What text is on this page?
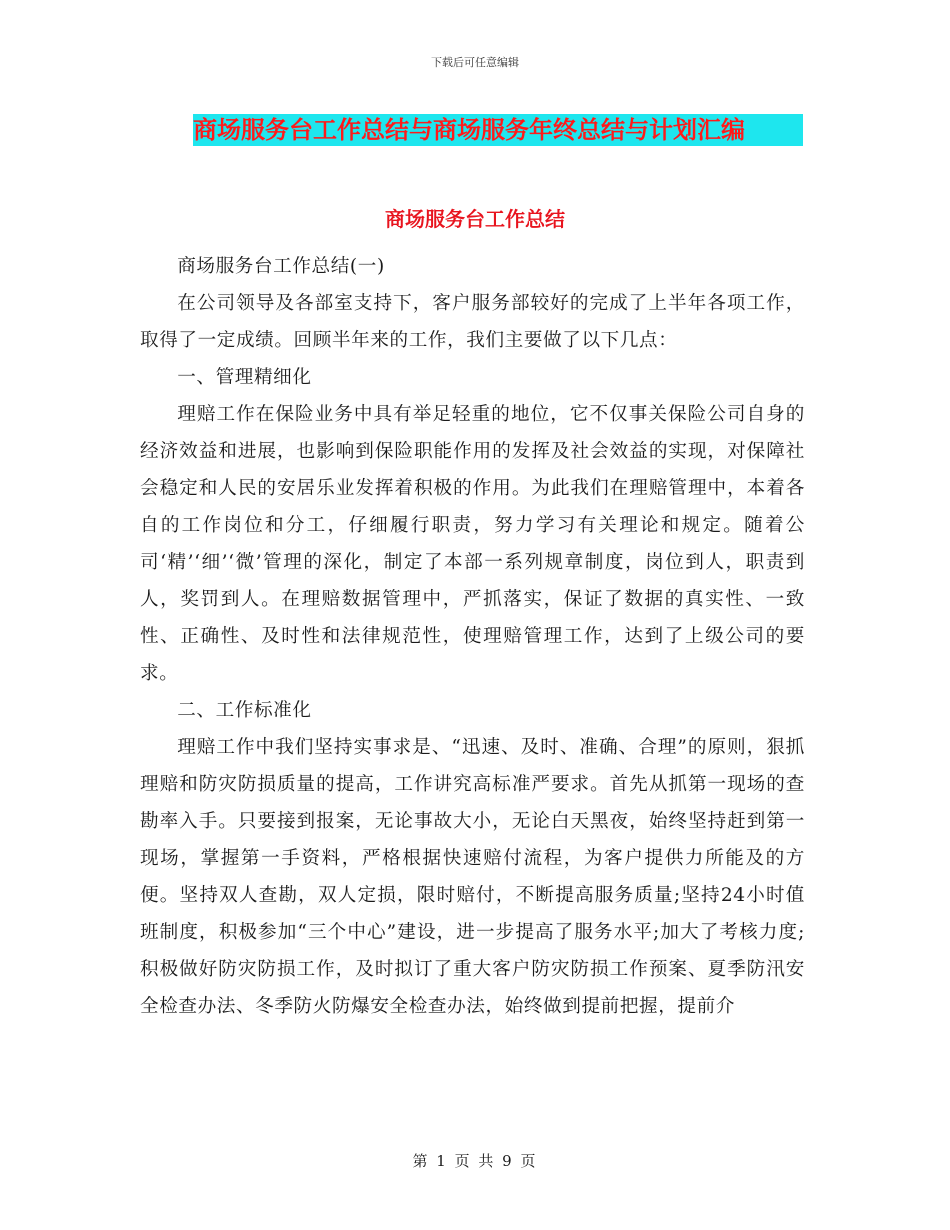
下载后可任意编辑
商场服务台工作总结与商场服务年终总结与计划汇编
商场服务台工作总结

商场服务台工作总结(一)

在公司领导及各部室支持下，客户服务部较好的完成了上半年各项工作，取得了一定成绩。回顾半年来的工作，我们主要做了以下几点：

一、管理精细化

理赔工作在保险业务中具有举足轻重的地位，它不仅事关保险公司自身的经济效益和进展，也影响到保险职能作用的发挥及社会效益的实现，对保障社会稳定和人民的安居乐业发挥着积极的作用。为此我们在理赔管理中，本着各自的工作岗位和分工，仔细履行职责，努力学习有关理论和规定。随着公司‘精’‘细’‘微’管理的深化，制定了本部一系列规章制度，岗位到人，职责到人，奖罚到人。在理赔数据管理中，严抓落实，保证了数据的真实性、一致性、正确性、及时性和法律规范性，使理赔管理工作，达到了上级公司的要求。

二、工作标准化

理赔工作中我们坚持实事求是、“迅速、及时、准确、合理”的原则，狠抓理赔和防灾防损质量的提高，工作讲究高标准严要求。首先从抓第一现场的查勘率入手。只要接到报案，无论事故大小，无论白天黑夜，始终坚持赶到第一现场，掌握第一手资料，严格根据快速赔付流程，为客户提供力所能及的方便。坚持双人查勘，双人定损，限时赔付，不断提高服务质量;坚持24小时值班制度，积极参加“三个中心”建设，进一步提高了服务水平;加大了考核力度;积极做好防灾防损工作，及时拟订了重大客户防灾防损工作预案、夏季防汛安全检查办法、冬季防火防爆安全检查办法，始终做到提前把握，提前介

第 1 页 共 9 页
